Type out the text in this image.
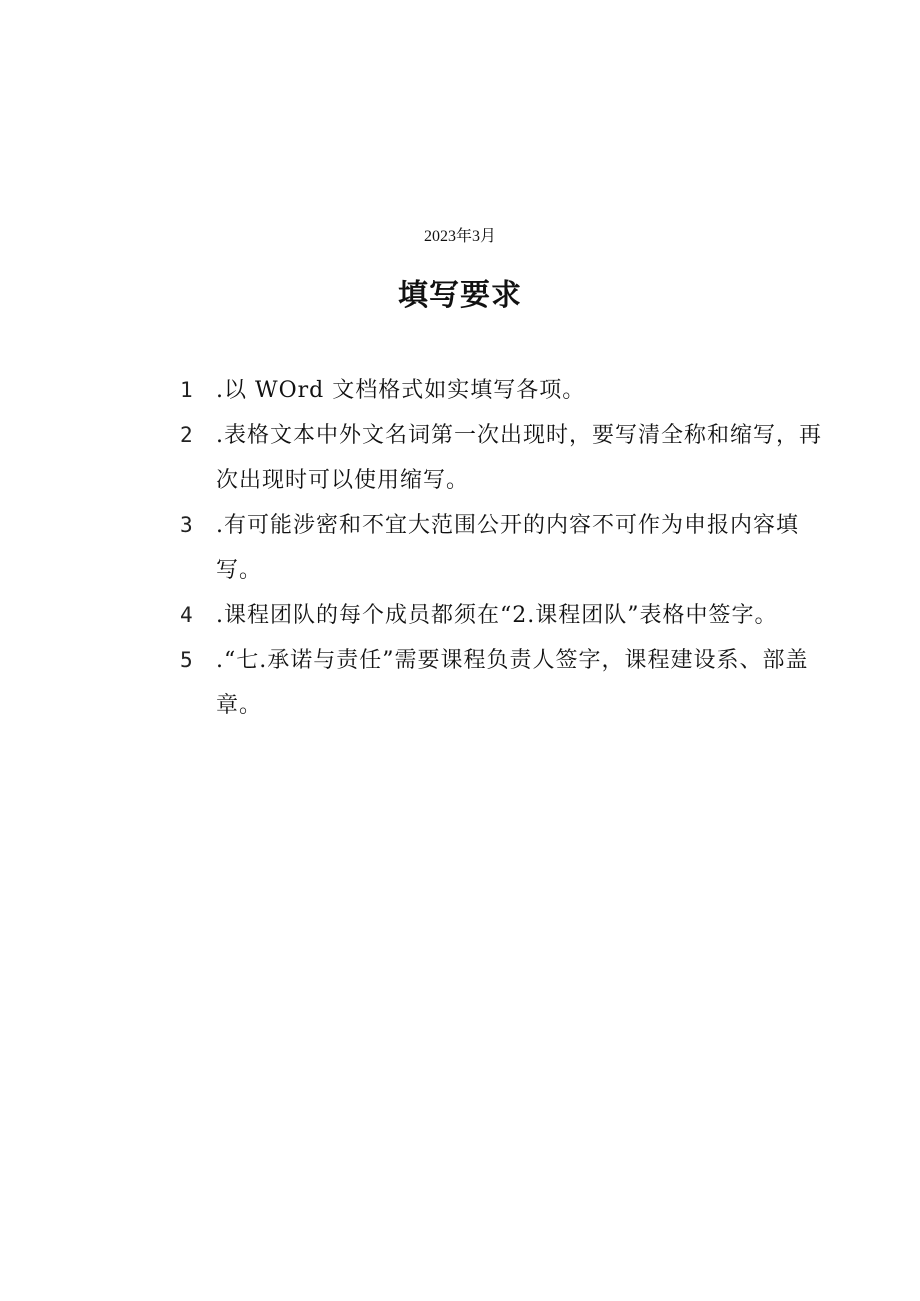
2023年3月
填写要求
1	.以 WOrd 文档格式如实填写各项。
2	.表格文本中外文名词第一次出现时，要写清全称和缩写，再次出现时可以使用缩写。
3	.有可能涉密和不宜大范围公开的内容不可作为申报内容填写。
4	.课程团队的每个成员都须在“2.课程团队”表格中签字。
5	.“七.承诺与责任”需要课程负责人签字，课程建设系、部盖章。
